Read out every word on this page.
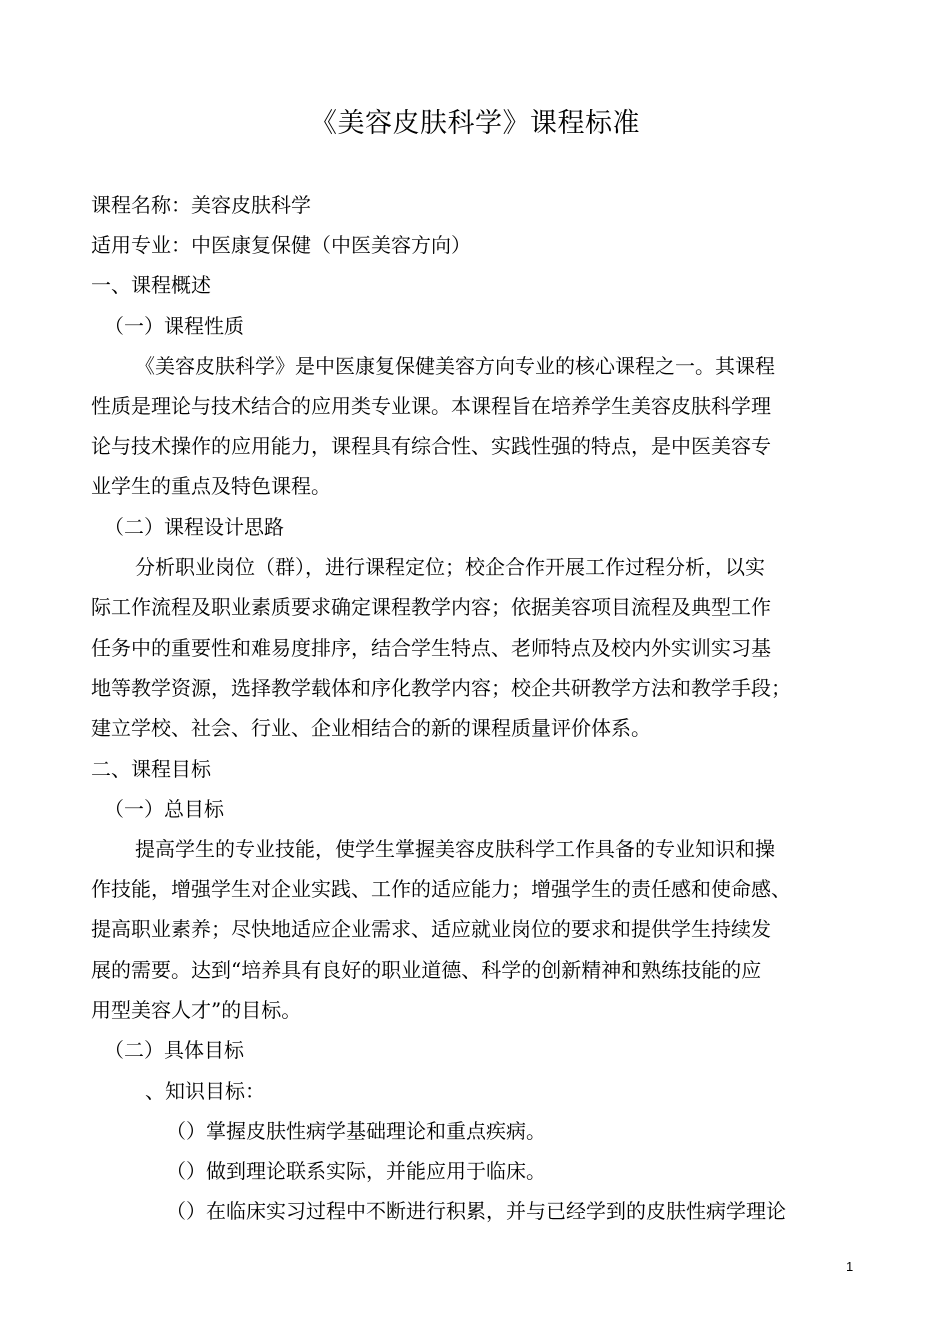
《美容皮肤科学》课程标准
课程名称：美容皮肤科学
适用专业：中医康复保健（中医美容方向）
一、课程概述
（一）课程性质
《美容皮肤科学》是中医康复保健美容方向专业的核心课程之一。其课程
性质是理论与技术结合的应用类专业课。本课程旨在培养学生美容皮肤科学理
论与技术操作的应用能力，课程具有综合性、实践性强的特点，是中医美容专
业学生的重点及特色课程。
（二）课程设计思路
分析职业岗位（群），进行课程定位；校企合作开展工作过程分析，以实
际工作流程及职业素质要求确定课程教学内容；依据美容项目流程及典型工作
任务中的重要性和难易度排序，结合学生特点、老师特点及校内外实训实习基
地等教学资源，选择教学载体和序化教学内容；校企共研教学方法和教学手段；
建立学校、社会、行业、企业相结合的新的课程质量评价体系。
二、课程目标
（一）总目标
提高学生的专业技能，使学生掌握美容皮肤科学工作具备的专业知识和操
作技能，增强学生对企业实践、工作的适应能力；增强学生的责任感和使命感、
提高职业素养；尽快地适应企业需求、适应就业岗位的要求和提供学生持续发
展的需要。达到“培养具有良好的职业道德、科学的创新精神和熟练技能的应
用型美容人才”的目标。
（二）具体目标
、知识目标：
（）掌握皮肤性病学基础理论和重点疾病。
（）做到理论联系实际，并能应用于临床。
（）在临床实习过程中不断进行积累，并与已经学到的皮肤性病学理论
1
